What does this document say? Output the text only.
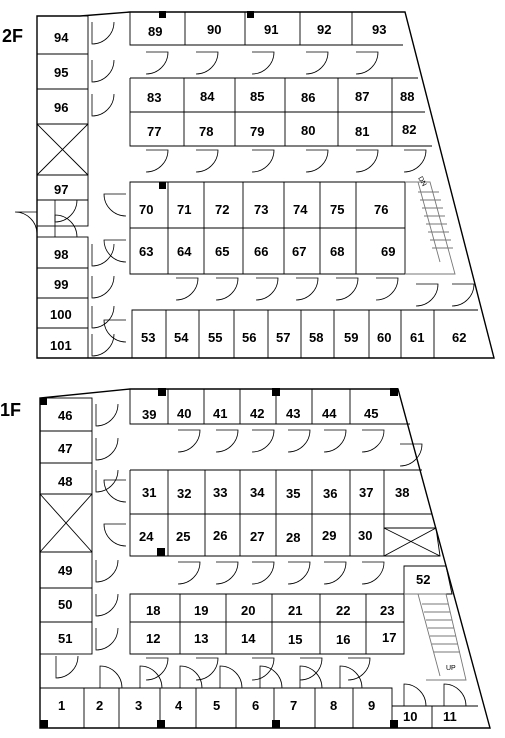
2F
DN
53 54 55 56 57 58 59 60 61 62
63 64 65 66 67 68	69
70 71 72 73 74 75 76
77	78	79	80	81	82
83	84	85	86	87 88
89	90	91	92	93
94
95
96
97
98
99
100
101
1F
UP
1 2 3	4 5 6 7	8 9
10 11
12	13	14	15	16 17
18	19	20	21	22 23
24 25 26 27 28 29 30
31 32 33 34 35 36 37 38
39 40 41 42 43 44 45
46
47
48
49
50
51
52
